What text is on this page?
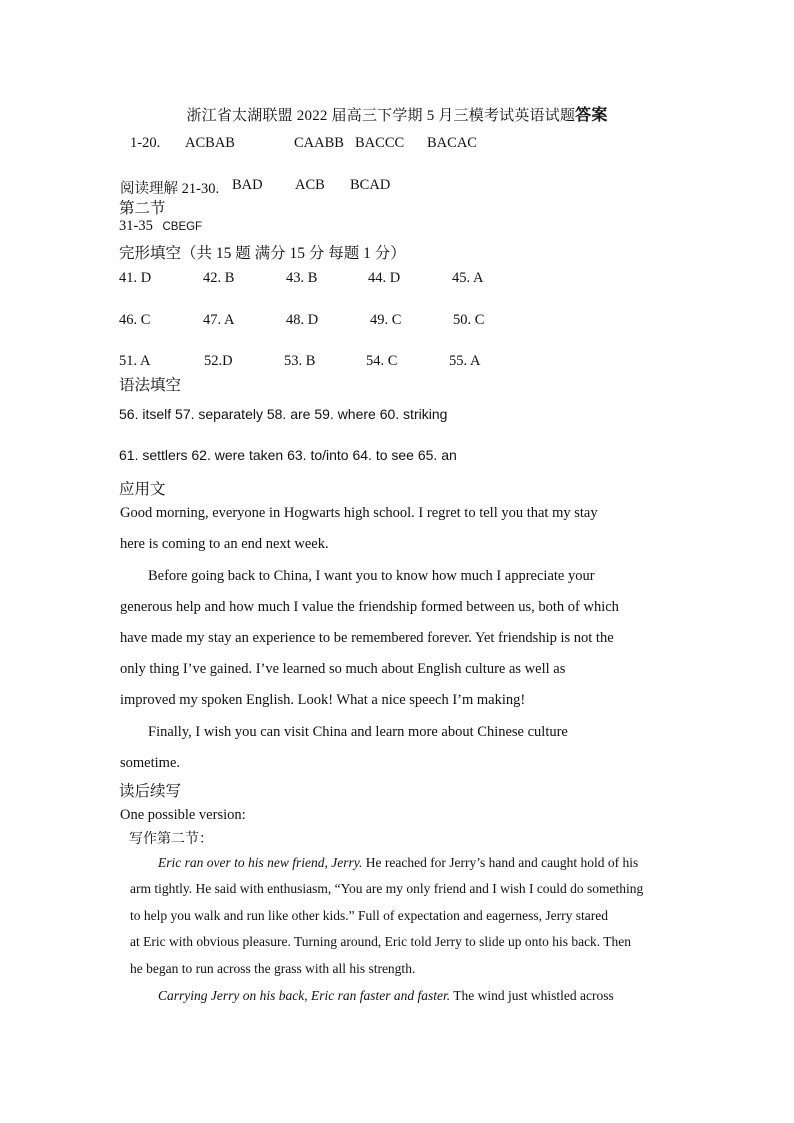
浙江省太湖联盟 2022 届高三下学期 5 月三模考试英语试题答案
1-20. ACBAB	CAABB BACCC BACAC
阅读理解 21-30. BAD ACB BCAD
第二节
31-35 CBEGF
完形填空（共 15 题 满分 15 分 每题 1 分）
41. D	42. B	43. B	44. D	45. A
46. C	47. A	48. D	49. C	50. C
51. A	52.D	53. B	54. C	55. A
语法填空
56. itself 57. separately 58. are 59. where 60. striking
61. settlers 62. were taken 63. to/into 64. to see 65. an
应用文
Good morning, everyone in Hogwarts high school. I regret to tell you that my stay
here is coming to an end next week.
Before going back to China, I want you to know how much I appreciate your
generous help and how much I value the friendship formed between us, both of which
have made my stay an experience to be remembered forever. Yet friendship is not the
only thing I’ve gained. I’ve learned so much about English culture as well as
improved my spoken English. Look! What a nice speech I’m making!
Finally, I wish you can visit China and learn more about Chinese culture
sometime.
读后续写
One possible version:
写作第二节：
Eric ran over to his new friend, Jerry. He reached for Jerry’s hand and caught hold of his
arm tightly. He said with enthusiasm, “You are my only friend and I wish I could do something
to help you walk and run like other kids.” Full of expectation and eagerness, Jerry stared
at Eric with obvious pleasure. Turning around, Eric told Jerry to slide up onto his back. Then
he began to run across the grass with all his strength.
Carrying Jerry on his back, Eric ran faster and faster. The wind just whistled across
